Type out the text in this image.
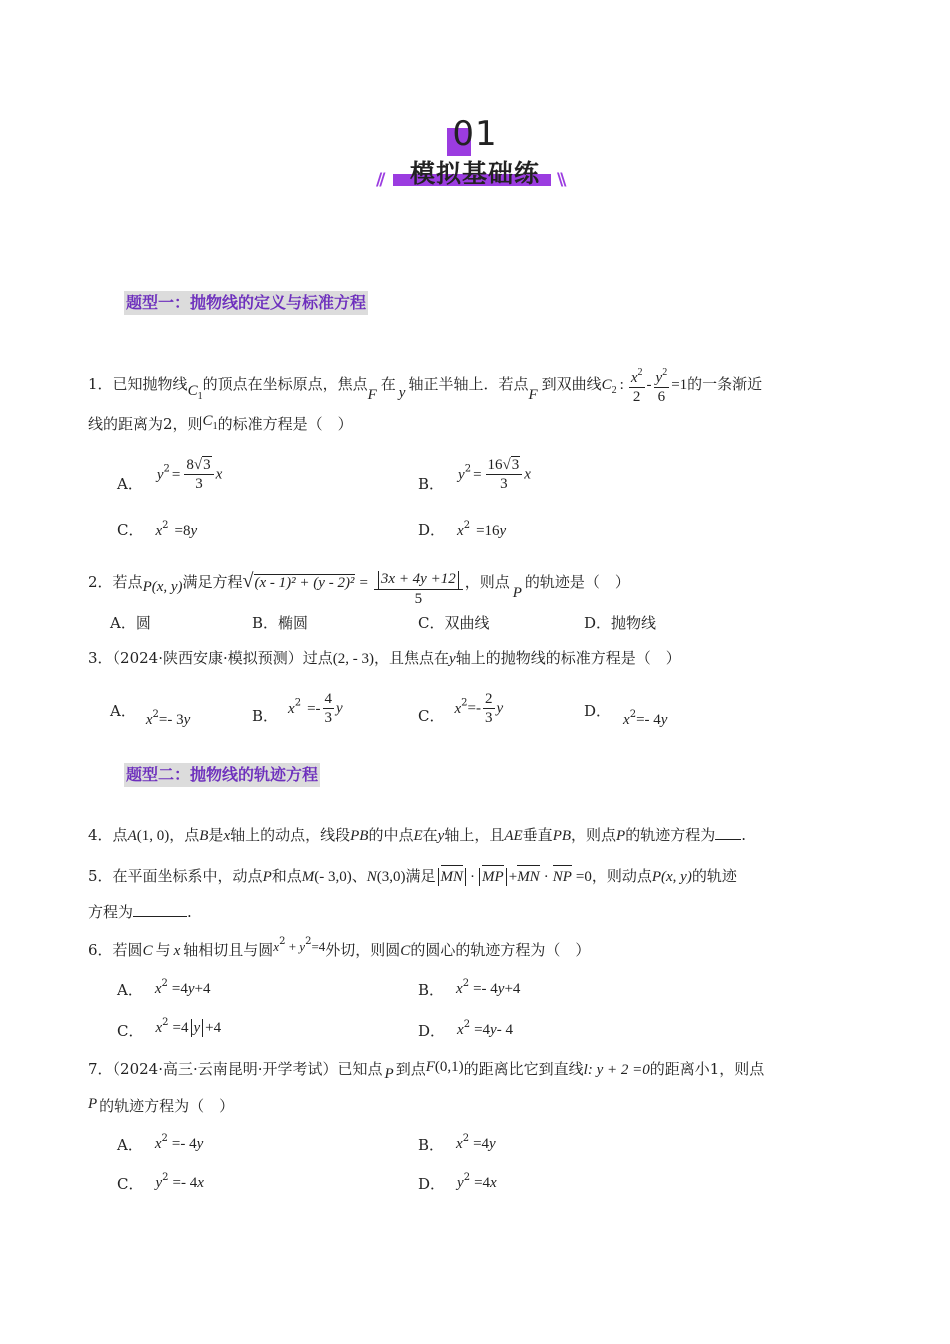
01
//	\\
模拟基础练
题型一：抛物线的定义与标准方程
1．已知抛物线$C_1$的顶点在坐标原点，焦点F在 y 轴正半轴上．若点F到双曲线$C_2$ : $\frac{x^2}{2} - \frac{y^2}{6} =1$的一条渐近
线的距离为2，则$C_1$的标准方程是（　）
A． $y^2 = \frac{8√3}{3}$ x	B． $y^2 = \frac{16√3}{3}$ x
C． $x^2 =8y$	D． $x^2 =16y$
2．若点P(x, y)满足方程$√(x - 1)^2 + (y - 2)^2 = \frac{3x + 4y +12}{5}$ ，则点P的轨迹是（　）
A．圆	B．椭圆	C．双曲线	D．抛物线
3．（2024·陕西安康·模拟预测）过点(2, - 3)，且焦点在y轴上的抛物线的标准方程是（　）
A． $x^2=-$ 3y	B． $x^2 =- \frac{4}{3}$ y	C． $x^2=- \frac{2}{3}$ y	D． $x^2=-$ 4y
题型二：抛物线的轨迹方程
4．点A(1, 0)，点B是x轴上的动点，线段PB的中点E在y轴上，且AE垂直PB，则点P的轨迹方程为 .
5．在平面坐标系中，动点P和点M(- 3,0)、N(3,0)满足 MN · MP +MN · NP =0，则动点P(x, y)的轨迹
方程为	.
6．若圆C 与 x 轴相切且与圆$x^2 + y^2=4$外切，则圆C的圆心的轨迹方程为（　）
A． $x^2 =4y+4$	B． $x^2 =- 4y+4$
C． $x^2 =4$ y +4	D． $x^2 =4y-$ 4
7．（2024·高三·云南昆明·开学考试）已知点 P 到点F(0,1)的距离比它到直线l: y + 2 =0的距离小1，则点
P 的轨迹方程为（　）
A． $x^2 =- 4y$	B． $x^2 =4y$
C． $y^2 =- 4x$	D． $y^2 =4x$
